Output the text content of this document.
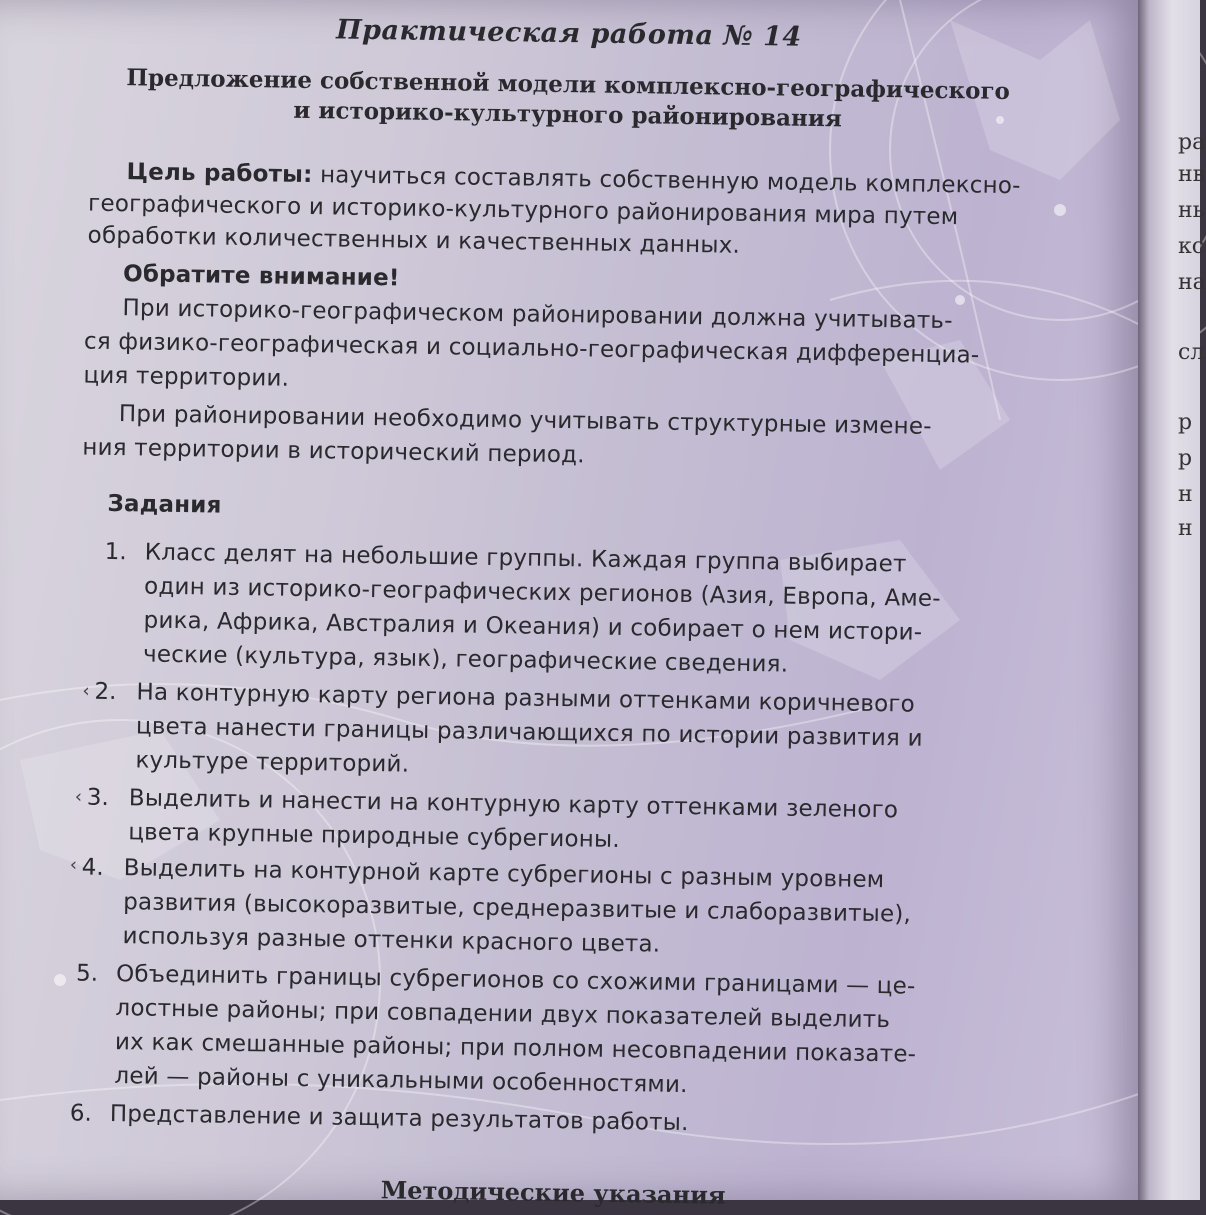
Практическая работа № 14
Предложение собственной модели комплексно-географического
и историко-культурного районирования
Цель работы: научиться составлять собственную модель комплексно-
географического и историко-культурного районирования мира путем
обработки количественных и качественных данных.
Обратите внимание!
При историко-географическом районировании должна учитывать-
ся физико-географическая и социально-географическая дифференциа-
ция территории.
При районировании необходимо учитывать структурные измене-
ния территории в исторический период.
Задания
1. Класс делят на небольшие группы. Каждая группа выбирает
один из историко-географических регионов (Азия, Европа, Аме-
рика, Африка, Австралия и Океания) и собирает о нем истори-
ческие (культура, язык), географические сведения.
‹ 2. На контурную карту региона разными оттенками коричневого
цвета нанести границы различающихся по истории развития и
культуре территорий.
‹ 3. Выделить и нанести на контурную карту оттенками зеленого
цвета крупные природные субрегионы.
‹ 4. Выделить на контурной карте субрегионы с разным уровнем
развития (высокоразвитые, среднеразвитые и слаборазвитые),
используя разные оттенки красного цвета.
5. Объединить границы субрегионов со схожими границами — це-
лостные районы; при совпадении двух показателей выделить
их как смешанные районы; при полном несовпадении показате-
лей — районы с уникальными особенностями.
6. Представление и защита результатов работы.
Методические указания
ра
нв
нь
кс
на
сл
р
р
н
н
